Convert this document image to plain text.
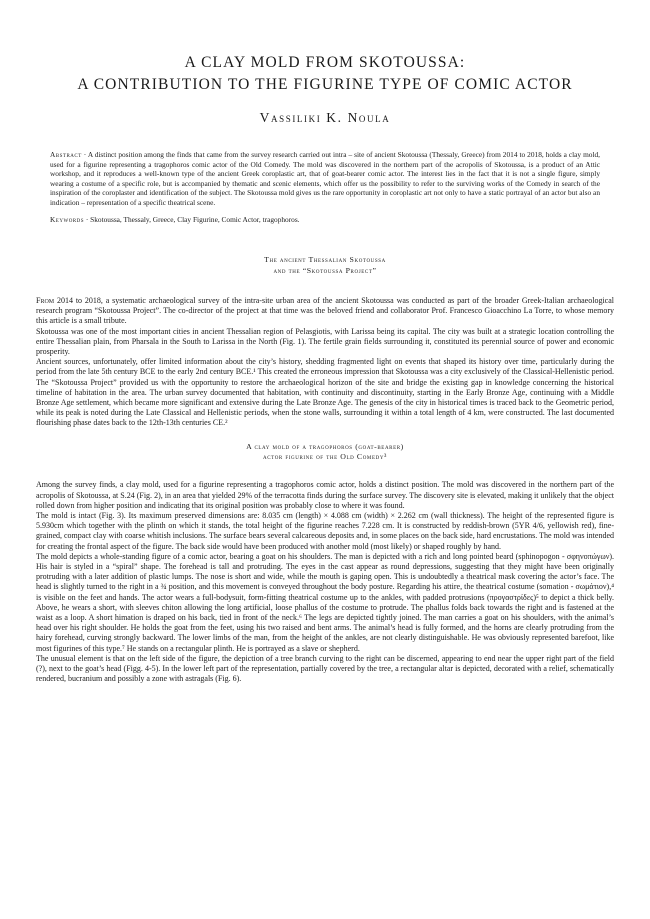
A CLAY MOLD FROM SKOTOUSSA:
A CONTRIBUTION TO THE FIGURINE TYPE OF COMIC ACTOR
Vassiliki K. Noula
Abstract · A distinct position among the finds that came from the survey research carried out intra – site of ancient Skotoussa (Thessaly, Greece) from 2014 to 2018, holds a clay mold, used for a figurine representing a tragophoros comic actor of the Old Comedy. The mold was discovered in the northern part of the acropolis of Skotoussa, is a product of an Attic workshop, and it reproduces a well-known type of the ancient Greek coroplastic art, that of goat-bearer comic actor. The interest lies in the fact that it is not a single figure, simply wearing a costume of a specific role, but is accompanied by thematic and scenic elements, which offer us the possibility to refer to the surviving works of the Comedy in search of the inspiration of the coroplaster and identification of the subject. The Skotoussa mold gives us the rare opportunity in coroplastic art not only to have a static portrayal of an actor but also an indication – representation of a specific theatrical scene.
Keywords · Skotoussa, Thessaly, Greece, Clay Figurine, Comic Actor, tragophoros.
The ancient Thessalian Skotoussa
and the “Skotoussa Project”

From 2014 to 2018, a systematic archaeological survey of the intra-site urban area of the ancient Skotoussa was conducted as part of the broader Greek-Italian archaeological research program “Skotoussa Project”. The co-director of the project at that time was the beloved friend and collaborator Prof. Francesco Gioacchino La Torre, to whose memory this article is a small tribute.

Skotoussa was one of the most important cities in ancient Thessalian region of Pelasgiotis, with Larissa being its capital. The city was built at a strategic location controlling the entire Thessalian plain, from Pharsala in the South to Larissa in the North (Fig. 1). The fertile grain fields surrounding it, constituted its perennial source of power and economic prosperity.

Ancient sources, unfortunately, offer limited information about the city’s history, shedding fragmented light on events that shaped its history over time, particularly during the period from the late 5th century BCE to the early 2nd century BCE.¹ This created the erroneous impression that Skotoussa was a city exclusively of the Classical-Hellenistic period. The “Skotoussa Project” provided us with the opportunity to restore the archaeological horizon of the site and bridge the existing gap in knowledge concerning the historical timeline of habitation in the area. The urban survey documented that habitation, with continuity and discontinuity, starting in the Early Bronze Age, continuing with a Middle Bronze Age settlement, which became more significant and extensive during the Late Bronze Age. The genesis of the city in historical times is traced back to the Geometric period, while its peak is noted during the Late Classical and Hellenistic periods, when the stone walls, surrounding it within a total length of 4 km, were constructed. The last documented flourishing phase dates back to the 12th-13th centuries CE.²

A clay mold of a tragophoros (goat-bearer)
actor figurine of the Old Comedy³

Among the survey finds, a clay mold, used for a figurine representing a tragophoros comic actor, holds a distinct position. The mold was discovered in the northern part of the acropolis of Skotoussa, at S.24 (Fig. 2), in an area that yielded 29% of the terracotta finds during the surface survey. The discovery site is elevated, making it unlikely that the object rolled down from higher position and indicating that its original position was probably close to where it was found.

The mold is intact (Fig. 3). Its maximum preserved dimensions are: 8.035 cm (length) × 4.088 cm (width) × 2.262 cm (wall thickness). The height of the represented figure is 5.930cm which together with the plinth on which it stands, the total height of the figurine reaches 7.228 cm. It is constructed by reddish-brown (5YR 4/6, yellowish red), fine-grained, compact clay with coarse whitish inclusions. The surface bears several calcareous deposits and, in some places on the back side, hard encrustations. The mold was intended for creating the frontal aspect of the figure. The back side would have been produced with another mold (most likely) or shaped roughly by hand.

The mold depicts a whole-standing figure of a comic actor, bearing a goat on his shoulders. The man is depicted with a rich and long pointed beard (sphinopogon - σφηνοπώγων). His hair is styled in a “spiral” shape. The forehead is tall and protruding. The eyes in the cast appear as round depressions, suggesting that they might have been originally protruding with a later addition of plastic lumps. The nose is short and wide, while the mouth is gaping open. This is undoubtedly a theatrical mask covering the actor’s face. The head is slightly turned to the right in a ¾ position, and this movement is conveyed throughout the body posture. Regarding his attire, the theatrical costume (somation - σωμάτιον),⁴ is visible on the feet and hands. The actor wears a full-bodysuit, form-fitting theatrical costume up to the ankles, with padded protrusions (προγαστρίδες)⁵ to depict a thick belly. Above, he wears a short, with sleeves chiton allowing the long artificial, loose phallus of the costume to protrude. The phallus folds back towards the right and is fastened at the waist as a loop. A short himation is draped on his back, tied in front of the neck.⁶ The legs are depicted tightly joined. The man carries a goat on his shoulders, with the animal’s head over his right shoulder. He holds the goat from the feet, using his two raised and bent arms. The animal’s head is fully formed, and the horns are clearly protruding from the hairy forehead, curving strongly backward. The lower limbs of the man, from the height of the ankles, are not clearly distinguishable. He was obviously represented barefoot, like most figurines of this type.⁷ He stands on a rectangular plinth. He is portrayed as a slave or shepherd.

The unusual element is that on the left side of the figure, the depiction of a tree branch curving to the right can be discerned, appearing to end near the upper right part of the field (?), next to the goat’s head (Figg. 4-5). In the lower left part of the representation, partially covered by the tree, a rectangular altar is depicted, decorated with a relief, schematically rendered, bucranium and possibly a zone with astragals (Fig. 6).
